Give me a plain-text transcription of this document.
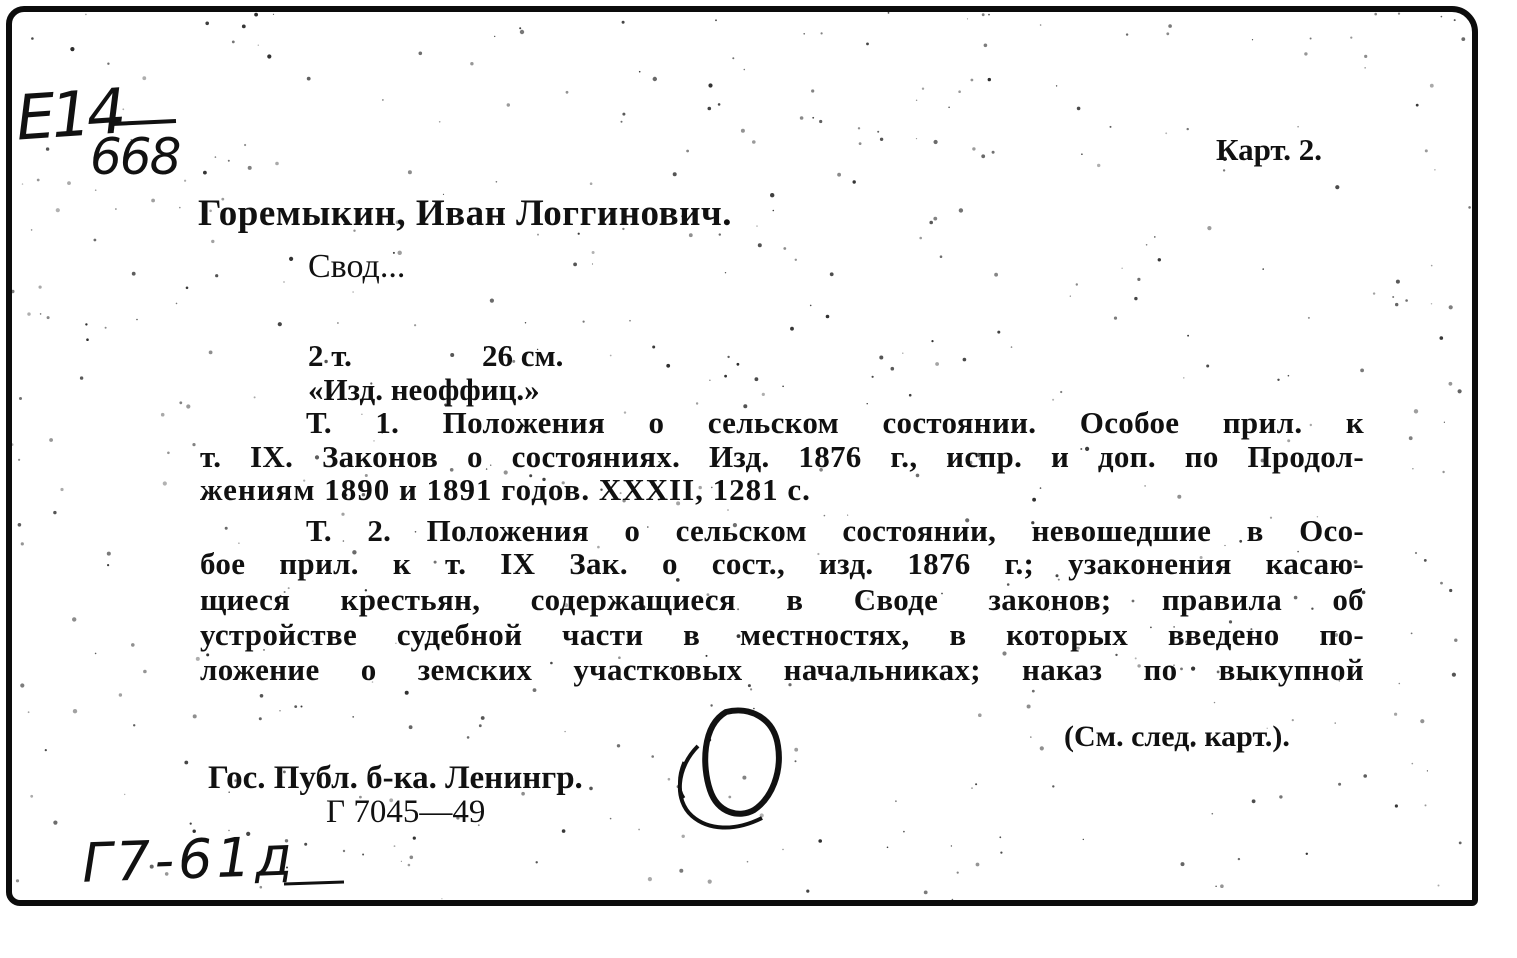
Е14
668	Карт. 2.
Горемыкин, Иван Логгинович.
Свод...
2 т.	26 см.
«Изд. неоффиц.»
Т. 1. Положения о сельском состоянии. Особое прил. к
т. IX. Законов о состояниях. Изд. 1876 г., испр. и доп. по Продол-
жениям 1890 и 1891 годов. XXXII, 1281 с.
Т. 2. Положения о сельском состоянии, невошедшие в Осо-
бое прил. к т. IX Зак. о сост., изд. 1876 г.; узаконения касаю-
щиеся крестьян, содержащиеся в Своде законов; правила об
устройстве судебной части в местностях, в которых введено по-
ложение о земских участковых начальниках; наказ по выкупной
(См. след. карт.).
Гос. Публ. б-ка. Ленингр.
Г 7045—49
Г7-61д
